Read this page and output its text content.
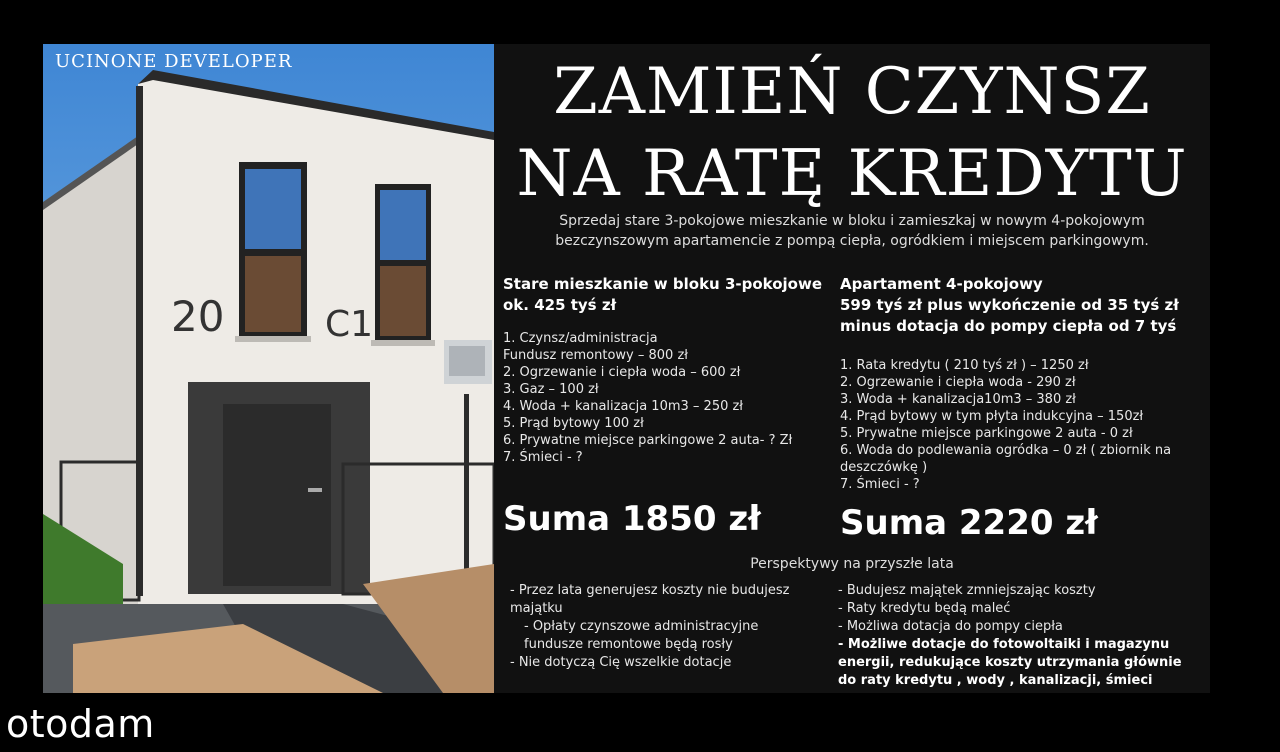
20	C1
UCINONE DEVELOPER	ZAMIEŃ CZYNSZ
NA RATĘ KREDYTU
Sprzedaj stare 3-pokojowe mieszkanie w bloku i zamieszkaj w nowym 4-pokojowym
bezczynszowym apartamencie z pompą ciepła, ogródkiem i miejscem parkingowym.
Stare mieszkanie w bloku 3-pokojowe
ok. 425 tyś zł
1. Czynsz/administracja
Fundusz remontowy – 800 zł
2. Ogrzewanie i ciepła woda – 600 zł
3. Gaz – 100 zł
4. Woda + kanalizacja 10m3 – 250 zł
5. Prąd bytowy 100 zł
6. Prywatne miejsce parkingowe 2 auta- ? Zł
7. Śmieci - ?
Apartament 4-pokojowy
599 tyś zł plus wykończenie od 35 tyś zł
minus dotacja do pompy ciepła od 7 tyś
1. Rata kredytu ( 210 tyś zł ) – 1250 zł
2. Ogrzewanie i ciepła woda - 290 zł
3. Woda + kanalizacja10m3 – 380 zł
4. Prąd bytowy w tym płyta indukcyjna – 150zł
5. Prywatne miejsce parkingowe 2 auta - 0 zł
6. Woda do podlewania ogródka – 0 zł ( zbiornik na deszczówkę )
7. Śmieci - ?
Suma 1850 zł Suma 2220 zł
Perspektywy na przyszłe lata
- Przez lata generujesz koszty nie budujesz majątku
- Opłaty czynszowe administracyjne fundusze remontowe będą rosły
- Nie dotyczą Cię wszelkie dotacje
- Budujesz majątek zmniejszając koszty
- Raty kredytu będą maleć
- Możliwa dotacja do pompy ciepła
- Możliwe dotacje do fotowoltaiki i magazynu energii, redukujące koszty utrzymania głównie do raty kredytu , wody , kanalizacji, śmieci
otodam
